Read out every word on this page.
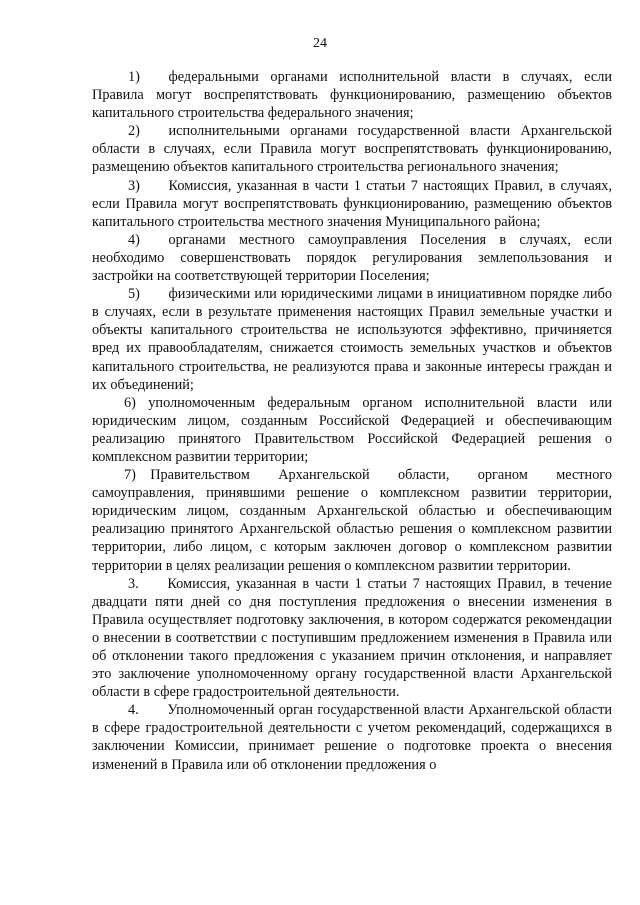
24

1)  федеральными органами исполнительной власти в случаях, если Правила могут воспрепятствовать функционированию, размещению объектов капитального строительства федерального значения;

2)  исполнительными органами государственной власти Архангельской области в случаях, если Правила могут воспрепятствовать функционированию, размещению объектов капитального строительства регионального значения;

3)  Комиссия, указанная в части 1 статьи 7 настоящих Правил, в случаях, если Правила могут воспрепятствовать функционированию, размещению объектов капитального строительства местного значения Муниципального района;

4)  органами местного самоуправления Поселения в случаях, если необходимо совершенствовать порядок регулирования землепользования и застройки на соответствующей территории Поселения;

5)  физическими или юридическими лицами в инициативном порядке либо в случаях, если в результате применения настоящих Правил земельные участки и объекты капитального строительства не используются эффективно, причиняется вред их правообладателям, снижается стоимость земельных участков и объектов капитального строительства, не реализуются права и законные интересы граждан и их объединений;

6) уполномоченным федеральным органом исполнительной власти или юридическим лицом, созданным Российской Федерацией и обеспечивающим реализацию принятого Правительством Российской Федерацией решения о комплексном развитии территории;

7) Правительством Архангельской области, органом местного самоуправления, принявшими решение о комплексном развитии территории, юридическим лицом, созданным Архангельской областью и обеспечивающим реализацию принятого Архангельской областью решения о комплексном развитии территории, либо лицом, с которым заключен договор о комплексном развитии территории в целях реализации решения о комплексном развитии территории.

3.  Комиссия, указанная в части 1 статьи 7 настоящих Правил, в течение двадцати пяти дней со дня поступления предложения о внесении изменения в Правила осуществляет подготовку заключения, в котором содержатся рекомендации о внесении в соответствии с поступившим предложением изменения в Правила или об отклонении такого предложения с указанием причин отклонения, и направляет это заключение уполномоченному органу государственной власти Архангельской области в сфере градостроительной деятельности.

4.  Уполномоченный орган государственной власти Архангельской области в сфере градостроительной деятельности с учетом рекомендаций, содержащихся в заключении Комиссии, принимает решение о подготовке проекта о внесения изменений в Правила или об отклонении предложения о
